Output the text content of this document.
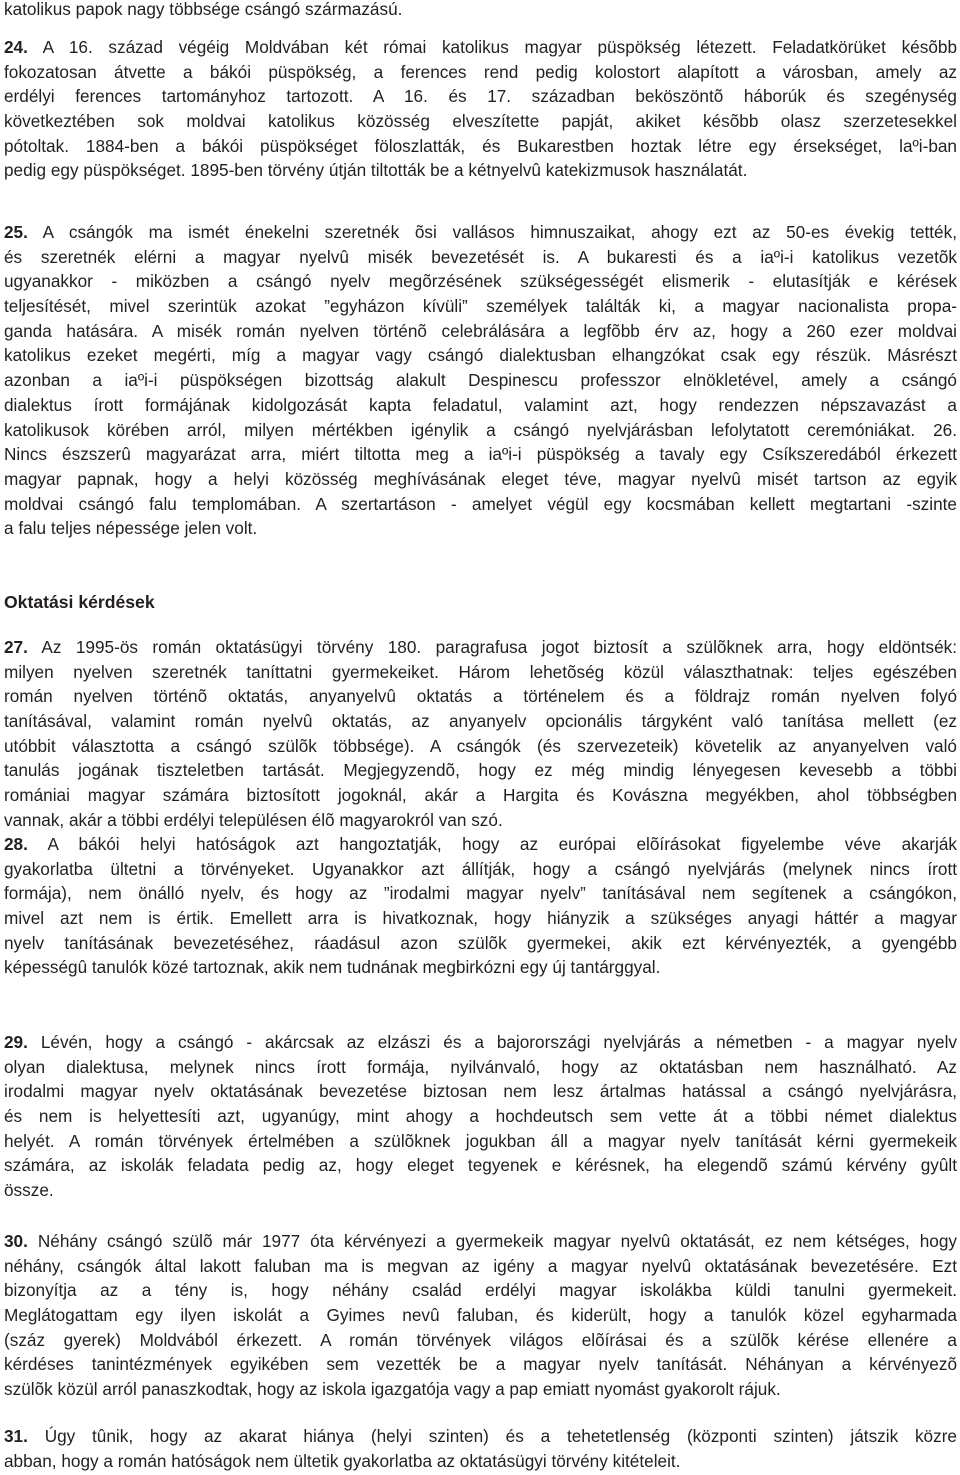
katolikus papok nagy többsége csángó származású.
24. A 16. század végéig Moldvában két római katolikus magyar püspökség létezett. Feladatkörüket késõbb
fokozatosan átvette a bákói püspökség, a ferences rend pedig kolostort alapított a városban, amely az
erdélyi ferences tartományhoz tartozott. A 16. és 17. században beköszöntõ háborúk és szegénység
következtében sok moldvai katolikus közösség elveszítette papját, akiket késõbb olasz szerzetesekkel
pótoltak. 1884-ben a bákói püspökséget föloszlatták, és Bukarestben hoztak létre egy érsekséget, laºi-ban
pedig egy püspökséget. 1895-ben törvény útján tiltották be a kétnyelvû katekizmusok használatát.
25. A csángók ma ismét énekelni szeretnék õsi vallásos himnuszaikat, ahogy ezt az 50-es évekig tették,
és szeretnék elérni a magyar nyelvû misék bevezetését is. A bukaresti és a iaºi-i katolikus vezetõk
ugyanakkor - miközben a csángó nyelv megõrzésének szükségességét elismerik - elutasítják e kérések
teljesítését, mivel szerintük azokat ”egyházon kívüli” személyek találták ki, a magyar nacionalista propa-
ganda hatására. A misék román nyelven történõ celebrálására a legfõbb érv az, hogy a 260 ezer moldvai
katolikus ezeket megérti, míg a magyar vagy csángó dialektusban elhangzókat csak egy részük. Másrészt
azonban a iaºi-i püspökségen bizottság alakult Despinescu professzor elnökletével, amely a csángó
dialektus írott formájának kidolgozását kapta feladatul, valamint azt, hogy rendezzen népszavazást a
katolikusok körében arról, milyen mértékben igénylik a csángó nyelvjárásban lefolytatott ceremóniákat. 26.
Nincs észszerû magyarázat arra, miért tiltotta meg a iaºi-i püspökség a tavaly egy Csíkszeredából érkezett
magyar papnak, hogy a helyi közösség meghívásának eleget téve, magyar nyelvû misét tartson az egyik
moldvai csángó falu templomában. A szertartáson - amelyet végül egy kocsmában kellett megtartani -szinte
a falu teljes népessége jelen volt.
Oktatási kérdések
27. Az 1995-ös román oktatásügyi törvény 180. paragrafusa jogot biztosít a szülõknek arra, hogy eldöntsék:
milyen nyelven szeretnék taníttatni gyermekeiket. Három lehetõség közül választhatnak: teljes egészében
román nyelven történõ oktatás, anyanyelvû oktatás a történelem és a földrajz román nyelven folyó
tanításával, valamint román nyelvû oktatás, az anyanyelv opcionális tárgyként való tanítása mellett (ez
utóbbit választotta a csángó szülõk többsége). A csángók (és szervezeteik) követelik az anyanyelven való
tanulás jogának tiszteletben tartását. Megjegyzendõ, hogy ez még mindig lényegesen kevesebb a többi
romániai magyar számára biztosított jogoknál, akár a Hargita és Kovászna megyékben, ahol többségben
vannak, akár a többi erdélyi településen élõ magyarokról van szó.
28. A bákói helyi hatóságok azt hangoztatják, hogy az európai elõírásokat figyelembe véve akarják
gyakorlatba ültetni a törvényeket. Ugyanakkor azt állítják, hogy a csángó nyelvjárás (melynek nincs írott
formája), nem önálló nyelv, és hogy az ”irodalmi magyar nyelv” tanításával nem segítenek a csángókon,
mivel azt nem is értik. Emellett arra is hivatkoznak, hogy hiányzik a szükséges anyagi háttér a magyar
nyelv tanításának bevezetéséhez, ráadásul azon szülõk gyermekei, akik ezt kérvényezték, a gyengébb
képességû tanulók közé tartoznak, akik nem tudnának megbirkózni egy új tantárggyal.
29. Lévén, hogy a csángó - akárcsak az elzászi és a bajorországi nyelvjárás a németben - a magyar nyelv
olyan dialektusa, melynek nincs írott formája, nyilvánvaló, hogy az oktatásban nem használható. Az
irodalmi magyar nyelv oktatásának bevezetése biztosan nem lesz ártalmas hatással a csángó nyelvjárásra,
és nem is helyettesíti azt, ugyanúgy, mint ahogy a hochdeutsch sem vette át a többi német dialektus
helyét. A román törvények értelmében a szülõknek jogukban áll a magyar nyelv tanítását kérni gyermekeik
számára, az iskolák feladata pedig az, hogy eleget tegyenek e kérésnek, ha elegendõ számú kérvény gyûlt
össze.
30. Néhány csángó szülõ már 1977 óta kérvényezi a gyermekeik magyar nyelvû oktatását, ez nem kétséges, hogy
néhány, csángók által lakott faluban ma is megvan az igény a magyar nyelvû oktatásának bevezetésére. Ezt
bizonyítja az a tény is, hogy néhány család erdélyi magyar iskolákba küldi tanulni gyermekeit.
Meglátogattam egy ilyen iskolát a Gyimes nevû faluban, és kiderült, hogy a tanulók közel egyharmada
(száz gyerek) Moldvából érkezett. A román törvények világos elõírásai és a szülõk kérése ellenére a
kérdéses tanintézmények egyikében sem vezették be a magyar nyelv tanítását. Néhányan a kérvényezõ
szülõk közül arról panaszkodtak, hogy az iskola igazgatója vagy a pap emiatt nyomást gyakorolt rájuk.
31. Úgy tûnik, hogy az akarat hiánya (helyi szinten) és a tehetetlenség (központi szinten) játszik közre
abban, hogy a román hatóságok nem ültetik gyakorlatba az oktatásügyi törvény kitételeit.
